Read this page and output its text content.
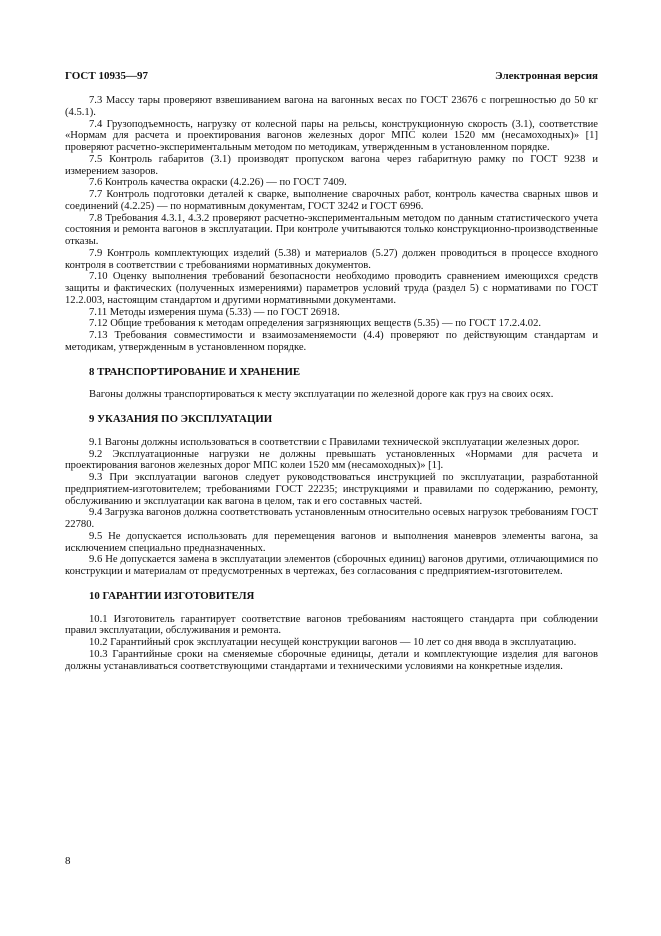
ГОСТ 10935—97	Электронная версия

7.3 Массу тары проверяют взвешиванием вагона на вагонных весах по ГОСТ 23676 с погрешностью до 50 кг (4.5.1).

7.4 Грузоподъемность, нагрузку от колесной пары на рельсы, конструкционную скорость (3.1), соответствие «Нормам для расчета и проектирования вагонов железных дорог МПС колеи 1520 мм (несамоходных)» [1] проверяют расчетно-экспериментальным методом по методикам, утвержденным в установленном порядке.

7.5 Контроль габаритов (3.1) производят пропуском вагона через габаритную рамку по ГОСТ 9238 и измерением зазоров.

7.6 Контроль качества окраски (4.2.26) — по ГОСТ 7409.

7.7 Контроль подготовки деталей к сварке, выполнение сварочных работ, контроль качества сварных швов и соединений (4.2.25) — по нормативным документам, ГОСТ 3242 и ГОСТ 6996.

7.8 Требования 4.3.1, 4.3.2 проверяют расчетно-экспериментальным методом по данным статистического учета состояния и ремонта вагонов в эксплуатации. При контроле учитываются только конструкционно-производственные отказы.

7.9 Контроль комплектующих изделий (5.38) и материалов (5.27) должен проводиться в процессе входного контроля в соответствии с требованиями нормативных документов.

7.10 Оценку выполнения требований безопасности необходимо проводить сравнением имеющихся средств защиты и фактических (полученных измерениями) параметров условий труда (раздел 5) с нормативами по ГОСТ 12.2.003, настоящим стандартом и другими нормативными документами.

7.11 Методы измерения шума (5.33) — по ГОСТ 26918.

7.12 Общие требования к методам определения загрязняющих веществ (5.35) — по ГОСТ 17.2.4.02.

7.13 Требования совместимости и взаимозаменяемости (4.4) проверяют по действующим стандартам и методикам, утвержденным в установленном порядке.

8 ТРАНСПОРТИРОВАНИЕ И ХРАНЕНИЕ

Вагоны должны транспортироваться к месту эксплуатации по железной дороге как груз на своих осях.

9 УКАЗАНИЯ ПО ЭКСПЛУАТАЦИИ

9.1 Вагоны должны использоваться в соответствии с Правилами технической эксплуатации железных дорог.

9.2 Эксплуатационные нагрузки не должны превышать установленных «Нормами для расчета и проектирования вагонов железных дорог МПС колеи 1520 мм (несамоходных)» [1].

9.3 При эксплуатации вагонов следует руководствоваться инструкцией по эксплуатации, разработанной предприятием-изготовителем; требованиями ГОСТ 22235; инструкциями и правилами по содержанию, ремонту, обслуживанию и эксплуатации как вагона в целом, так и его составных частей.

9.4 Загрузка вагонов должна соответствовать установленным относительно осевых нагрузок требованиям ГОСТ 22780.

9.5 Не допускается использовать для перемещения вагонов и выполнения маневров элементы вагона, за исключением специально предназначенных.

9.6 Не допускается замена в эксплуатации элементов (сборочных единиц) вагонов другими, отличающимися по конструкции и материалам от предусмотренных в чертежах, без согласования с предприятием-изготовителем.

10 ГАРАНТИИ ИЗГОТОВИТЕЛЯ

10.1 Изготовитель гарантирует соответствие вагонов требованиям настоящего стандарта при соблюдении правил эксплуатации, обслуживания и ремонта.

10.2 Гарантийный срок эксплуатации несущей конструкции вагонов — 10 лет со дня ввода в эксплуатацию.

10.3 Гарантийные сроки на сменяемые сборочные единицы, детали и комплектующие изделия для вагонов должны устанавливаться соответствующими стандартами и техническими условиями на конкретные изделия.

8
